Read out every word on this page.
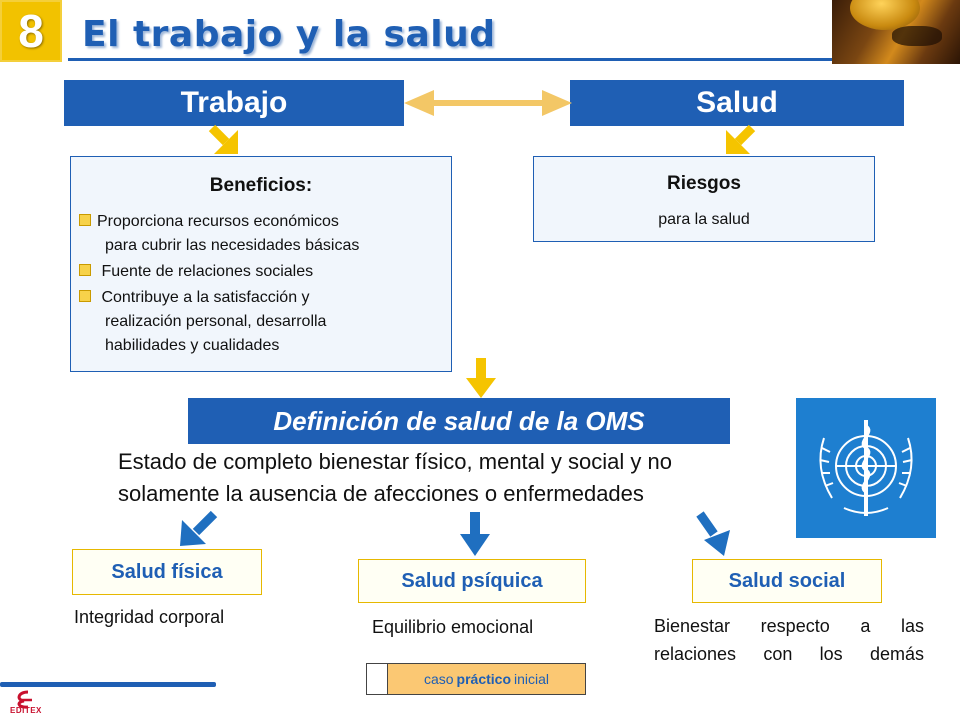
8	El trabajo y la salud
Trabajo	Salud
Beneficios:
Proporciona recursos económicos
para cubrir las necesidades básicas
Fuente de relaciones sociales
Contribuye a la satisfacción y
realización personal, desarrolla
habilidades y cualidades
Riesgos
para la salud
Definición de salud de la OMS
Estado de completo bienestar físico, mental y social y no
solamente la ausencia de afecciones o enfermedades
Salud física
Integridad corporal
Salud psíquica
Equilibrio emocional
Salud social
Bienestar respecto a las
relaciones con los demás
caso práctico inicial
EDITEX
